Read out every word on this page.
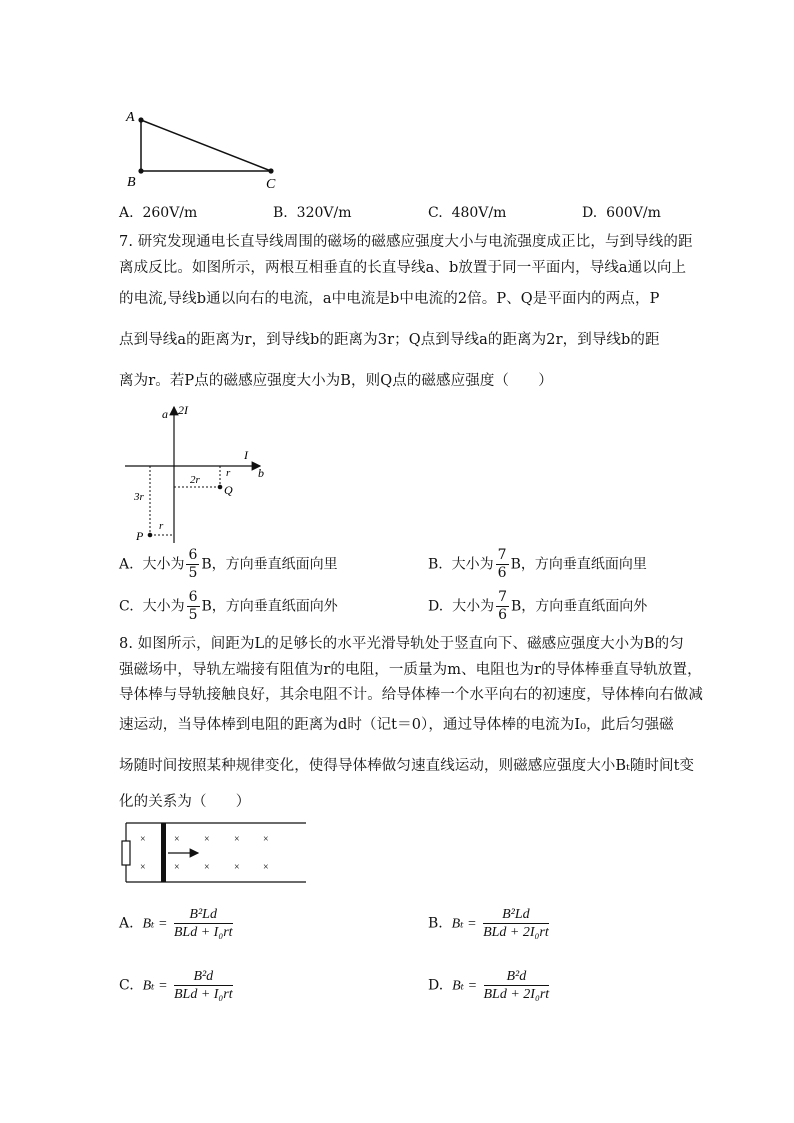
A
B	C
A. 260V/m	B. 320V/m	C. 480V/m	D. 600V/m
7. 研究发现通电长直导线周围的磁场的磁感应强度大小与电流强度成正比，与到导线的距
离成反比。如图所示，两根互相垂直的长直导线a、b放置于同一平面内，导线a通以向上
的电流,导线b通以向右的电流，a中电流是b中电流的2倍。P、Q是平面内的两点，P
点到导线a的距离为r，到导线b的距离为3r；Q点到导线a的距离为2r，到导线b的距
离为r。若P点的磁感应强度大小为B，则Q点的磁感应强度（　　）
a 2I
I
b
2r
r
Q
3r
r
P
A. 大小为 $\frac{6}{5}$ B，方向垂直纸面向里	B. 大小为 $\frac{7}{6}$ B，方向垂直纸面向里
C. 大小为 $\frac{6}{5}$ B，方向垂直纸面向外	D. 大小为 $\frac{7}{6}$ B，方向垂直纸面向外
8. 如图所示，间距为L的足够长的水平光滑导轨处于竖直向下、磁感应强度大小为B的匀
强磁场中，导轨左端接有阻值为r的电阻，一质量为m、电阻也为r的导体棒垂直导轨放置，
导体棒与导轨接触良好，其余电阻不计。给导体棒一个水平向右的初速度，导体棒向右做减
速运动，当导体棒到电阻的距离为d时（记t＝0），通过导体棒的电流为I₀，此后匀强磁
场随时间按照某种规律变化，使得导体棒做匀速直线运动，则磁感应强度大小Bₜ随时间t变
化的关系为（　　）
×	× × × ×
×	× × × ×
A. $B_t = \frac{\text{B²Ld}}{\text{BLd + I₀rt}}$	B. $B_t = \frac{\text{B²Ld}}{\text{BLd + 2I₀rt}}$
C. $B_t = \frac{\text{B²d}}{\text{BLd + I₀rt}}$	D. $B_t = \frac{\text{B²d}}{\text{BLd + 2I₀rt}}$
